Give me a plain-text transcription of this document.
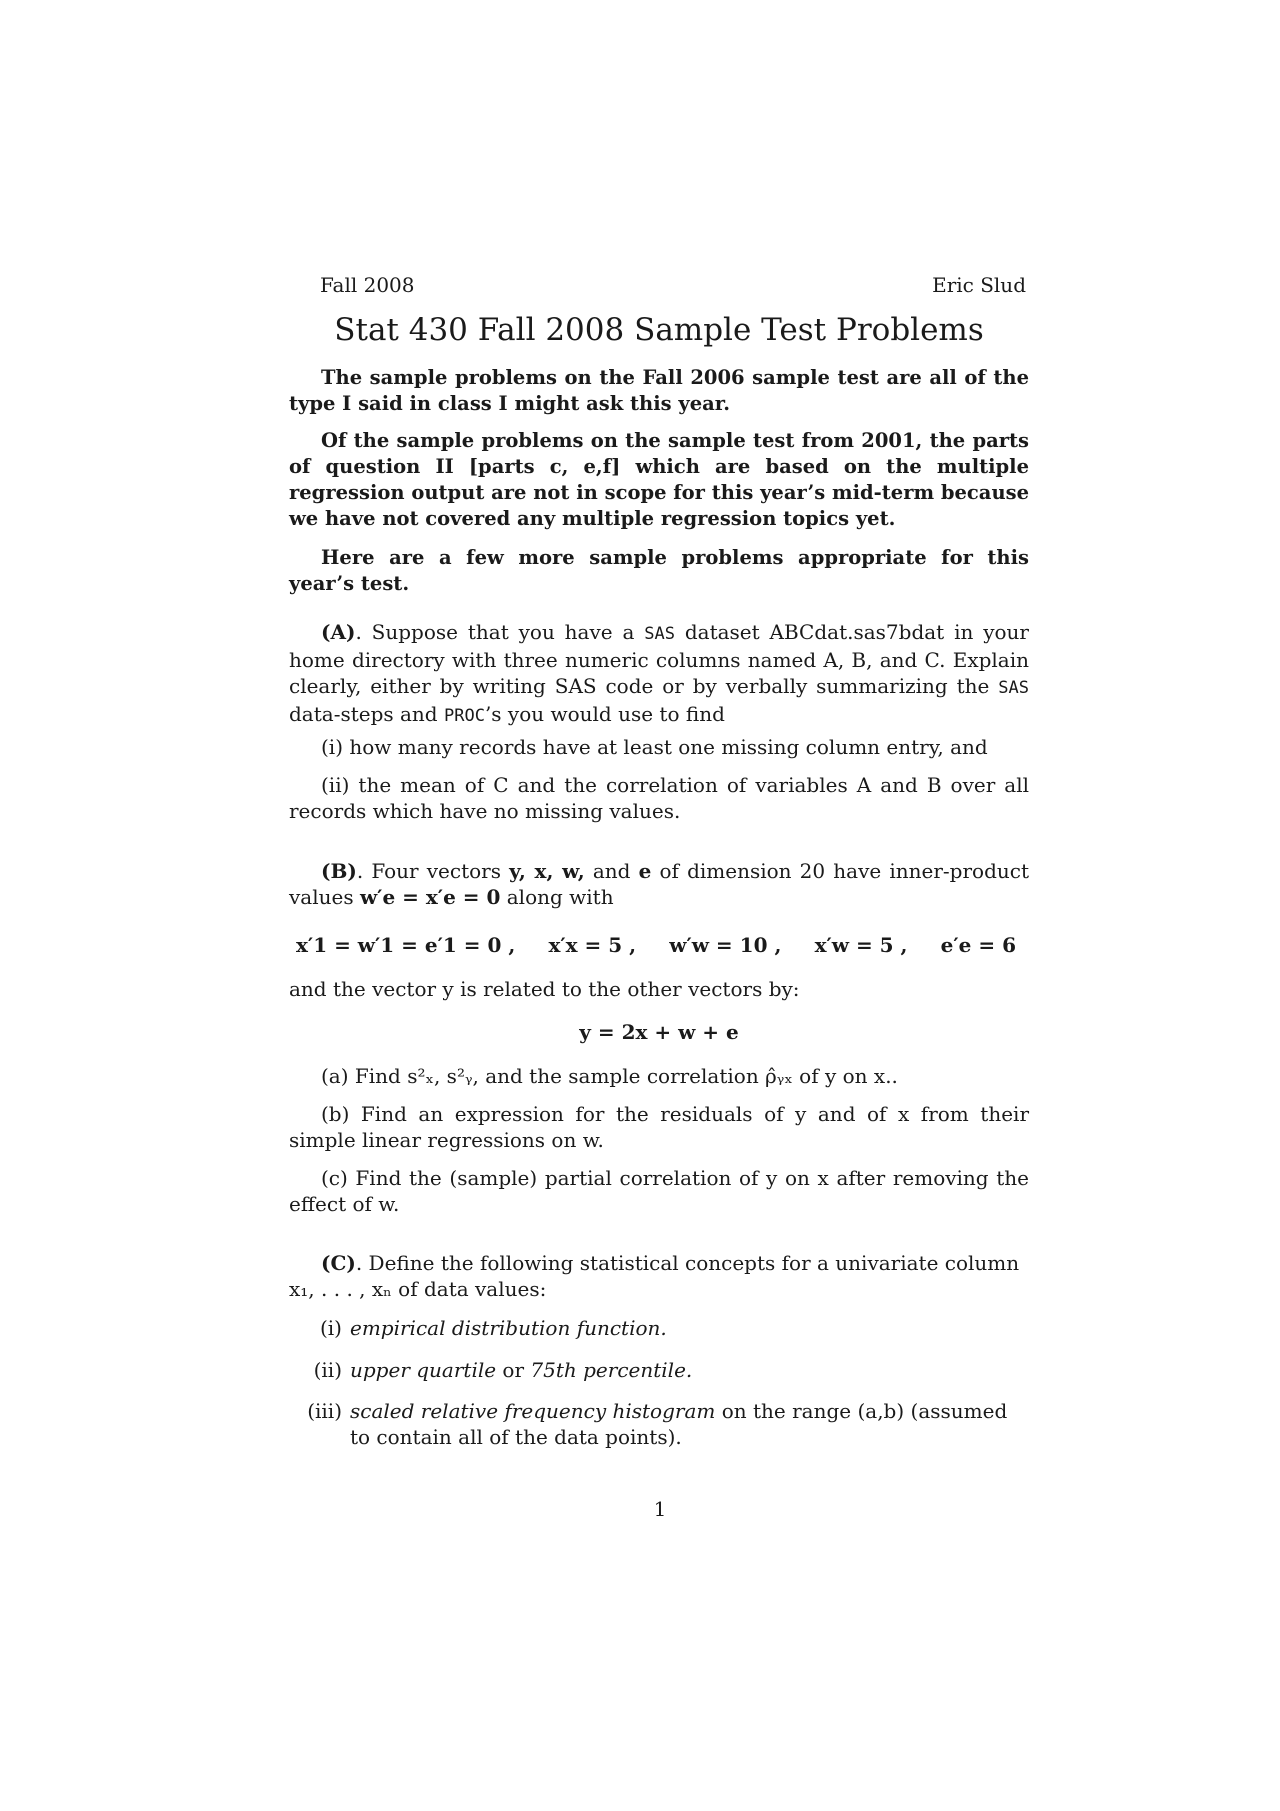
Fall 2008	Eric Slud
Stat 430 Fall 2008 Sample Test Problems

The sample problems on the Fall 2006 sample test are all of the type I said in class I might ask this year.

Of the sample problems on the sample test from 2001, the parts of question II [parts c, e,f] which are based on the multiple regression output are not in scope for this year’s mid-term because we have not covered any multiple regression topics yet.

Here are a few more sample problems appropriate for this year’s test.

(A). Suppose that you have a SAS dataset ABCdat.sas7bdat in your home directory with three numeric columns named A, B, and C. Explain clearly, either by writing SAS code or by verbally summarizing the SAS data-steps and PROC’s you would use to find

(i) how many records have at least one missing column entry, and

(ii) the mean of C and the correlation of variables A and B over all records which have no missing values.

(B). Four vectors y, x, w, and e of dimension 20 have inner-product values w′e = x′e = 0 along with

x′1 = w′1 = e′1 = 0 , x′x = 5 , w′w = 10 , x′w = 5 , e′e = 6

and the vector y is related to the other vectors by:

y = 2x + w + e

(a) Find s²ₓ, s²ᵧ, and the sample correlation ρ̂ᵧₓ of y on x..

(b) Find an expression for the residuals of y and of x from their simple linear regressions on w.

(c) Find the (sample) partial correlation of y on x after removing the effect of w.

(C). Define the following statistical concepts for a univariate column x₁, . . . , xₙ of data values:

(i) empirical distribution function.
(ii) upper quartile or 75th percentile.
(iii) scaled relative frequency histogram on the range (a,b) (assumed to contain all of the data points).
1
